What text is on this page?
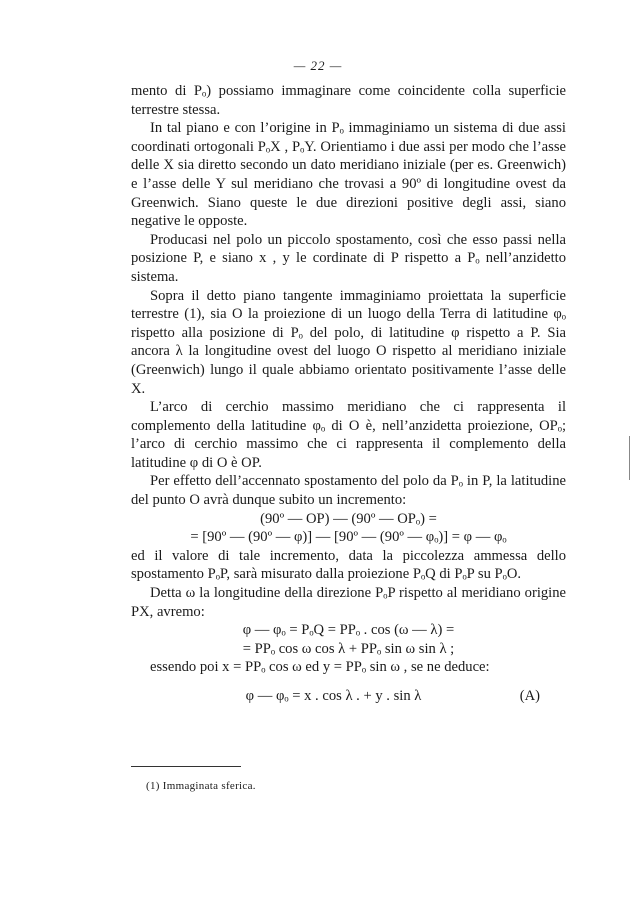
— 22 —

mento di Pₒ) possiamo immaginare come coincidente colla superficie terrestre stessa.

In tal piano e con l’origine in Pₒ immaginiamo un sistema di due assi coordinati ortogonali PₒX , PₒY. Orientiamo i due assi per modo che l’asse delle X sia diretto secondo un dato meridiano iniziale (per es. Greenwich) e l’asse delle Y sul meridiano che trovasi a 90º di longitudine ovest da Greenwich. Siano queste le due direzioni positive degli assi, siano negative le opposte.

Producasi nel polo un piccolo spostamento, così che esso passi nella posizione P, e siano x , y le cordinate di P rispetto a Pₒ nell’anzidetto sistema.

Sopra il detto piano tangente immaginiamo proiettata la superficie terrestre (1), sia O la proiezione di un luogo della Terra di latitudine φₒ rispetto alla posizione di Pₒ del polo, di latitudine φ rispetto a P. Sia ancora λ la longitudine ovest del luogo O rispetto al meridiano iniziale (Greenwich) lungo il quale abbiamo orientato positivamente l’asse delle X.

L’arco di cerchio massimo meridiano che ci rappresenta il complemento della latitudine φₒ di O è, nell’anzidetta proiezione, OPₒ; l’arco di cerchio massimo che ci rappresenta il complemento della latitudine φ di O è OP.

Per effetto dell’accennato spostamento del polo da Pₒ in P, la latitudine del punto O avrà dunque subito un incremento:

(90º — OP) — (90º — OPₒ) =

= [90º — (90º — φ)] — [90º — (90º — φₒ)] = φ — φₒ

ed il valore di tale incremento, data la piccolezza ammessa dello spostamento PₒP, sarà misurato dalla proiezione PₒQ di PₒP su PₒO.

Detta ω la longitudine della direzione PₒP rispetto al meridiano origine PX, avremo:

φ — φₒ = PₒQ = PPₒ . cos (ω — λ) =

= PPₒ cos ω cos λ + PPₒ sin ω sin λ ;

essendo poi x = PPₒ cos ω ed y = PPₒ sin ω , se ne deduce:

φ — φₒ = x . cos λ . + y . sin λ	(A)
(1) Immaginata sferica.
